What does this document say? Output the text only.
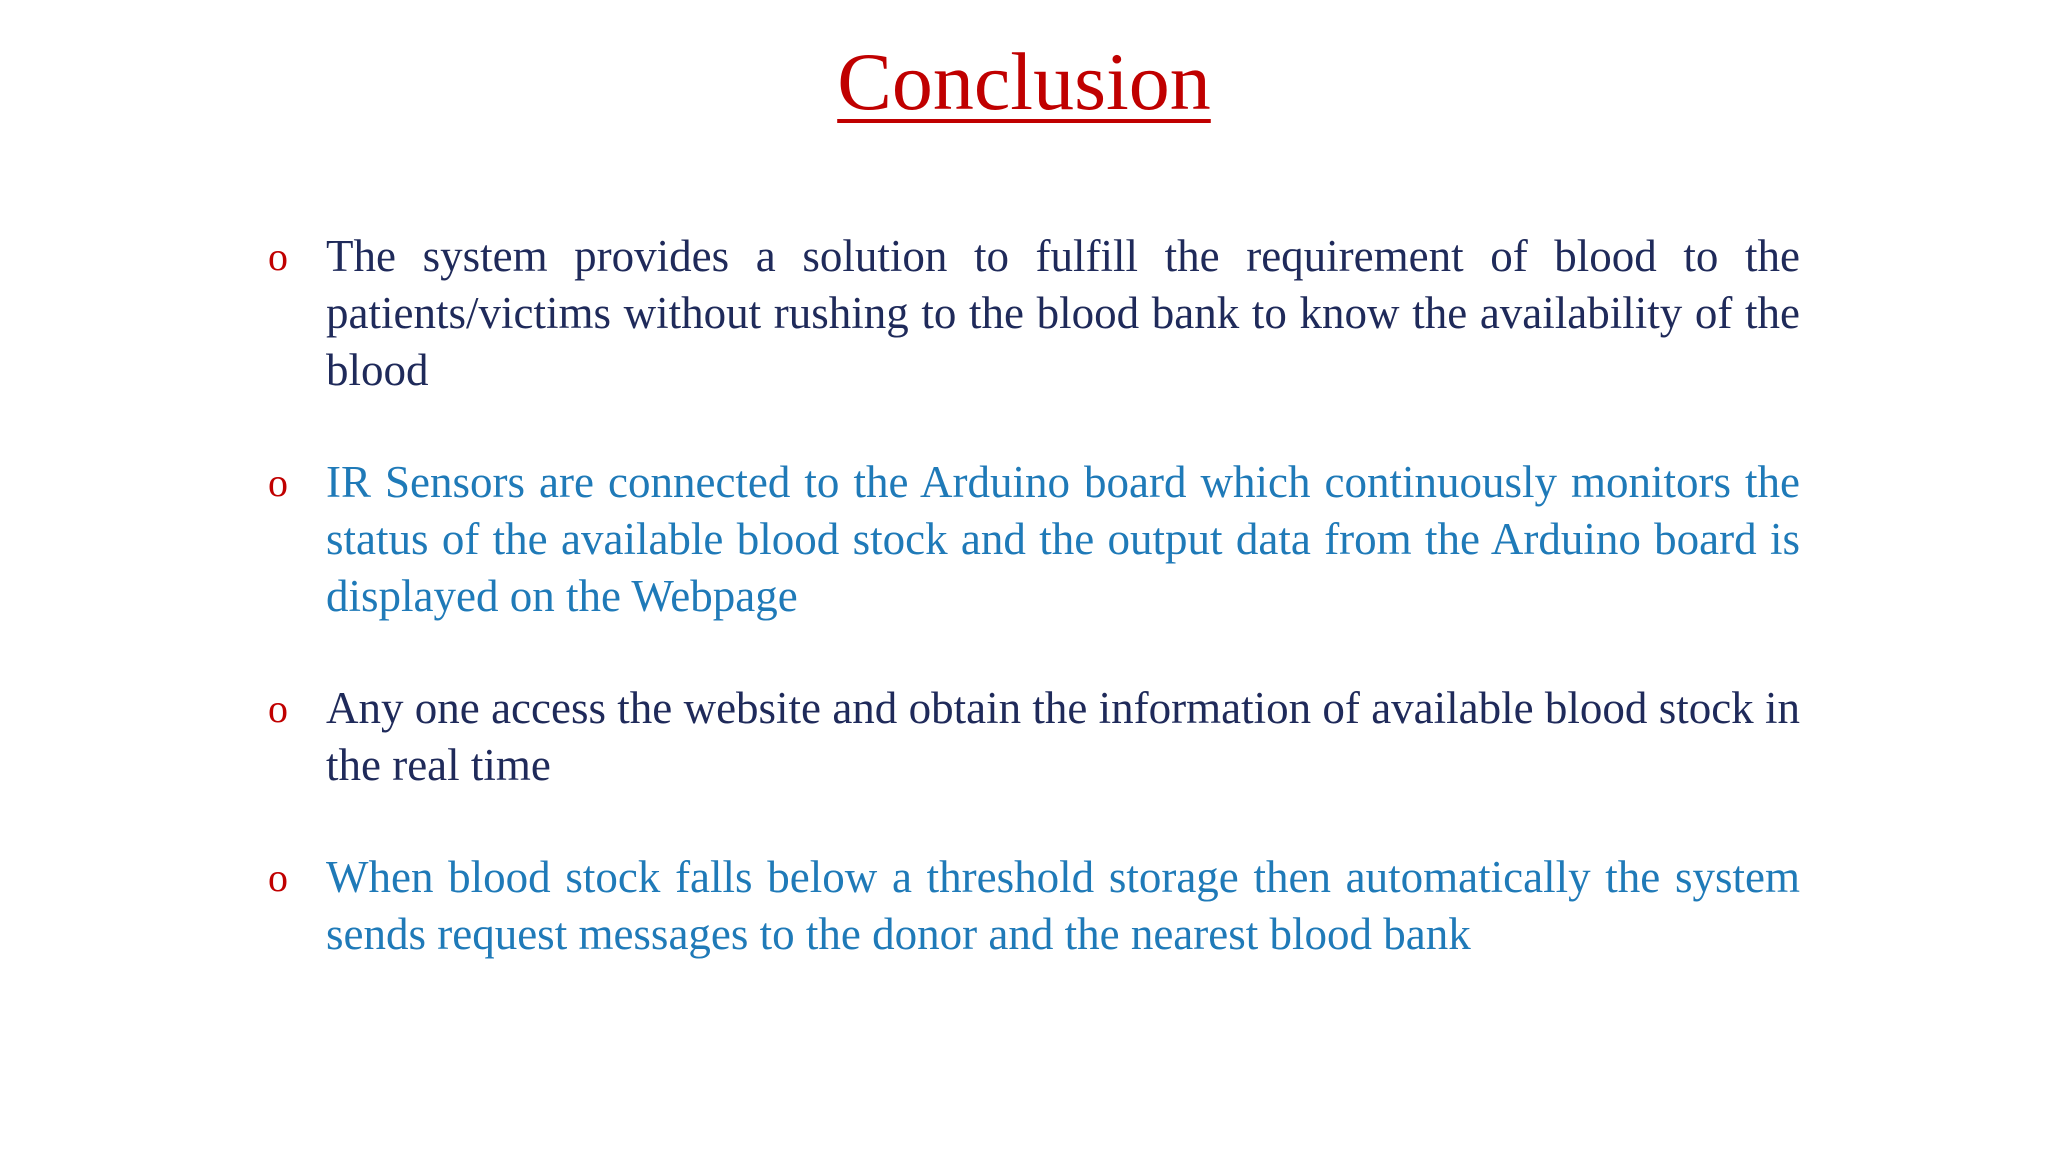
Conclusion
o The system provides a solution to fulfill the requirement of blood to the patients/victims without rushing to the blood bank to know the availability of the blood
o IR Sensors are connected to the Arduino board which continuously monitors the status of the available blood stock and the output data from the Arduino board is displayed on the Webpage
o Any one access the website and obtain the information of available blood stock in the real time
o When blood stock falls below a threshold storage then automatically the system sends request messages to the donor and the nearest blood bank
